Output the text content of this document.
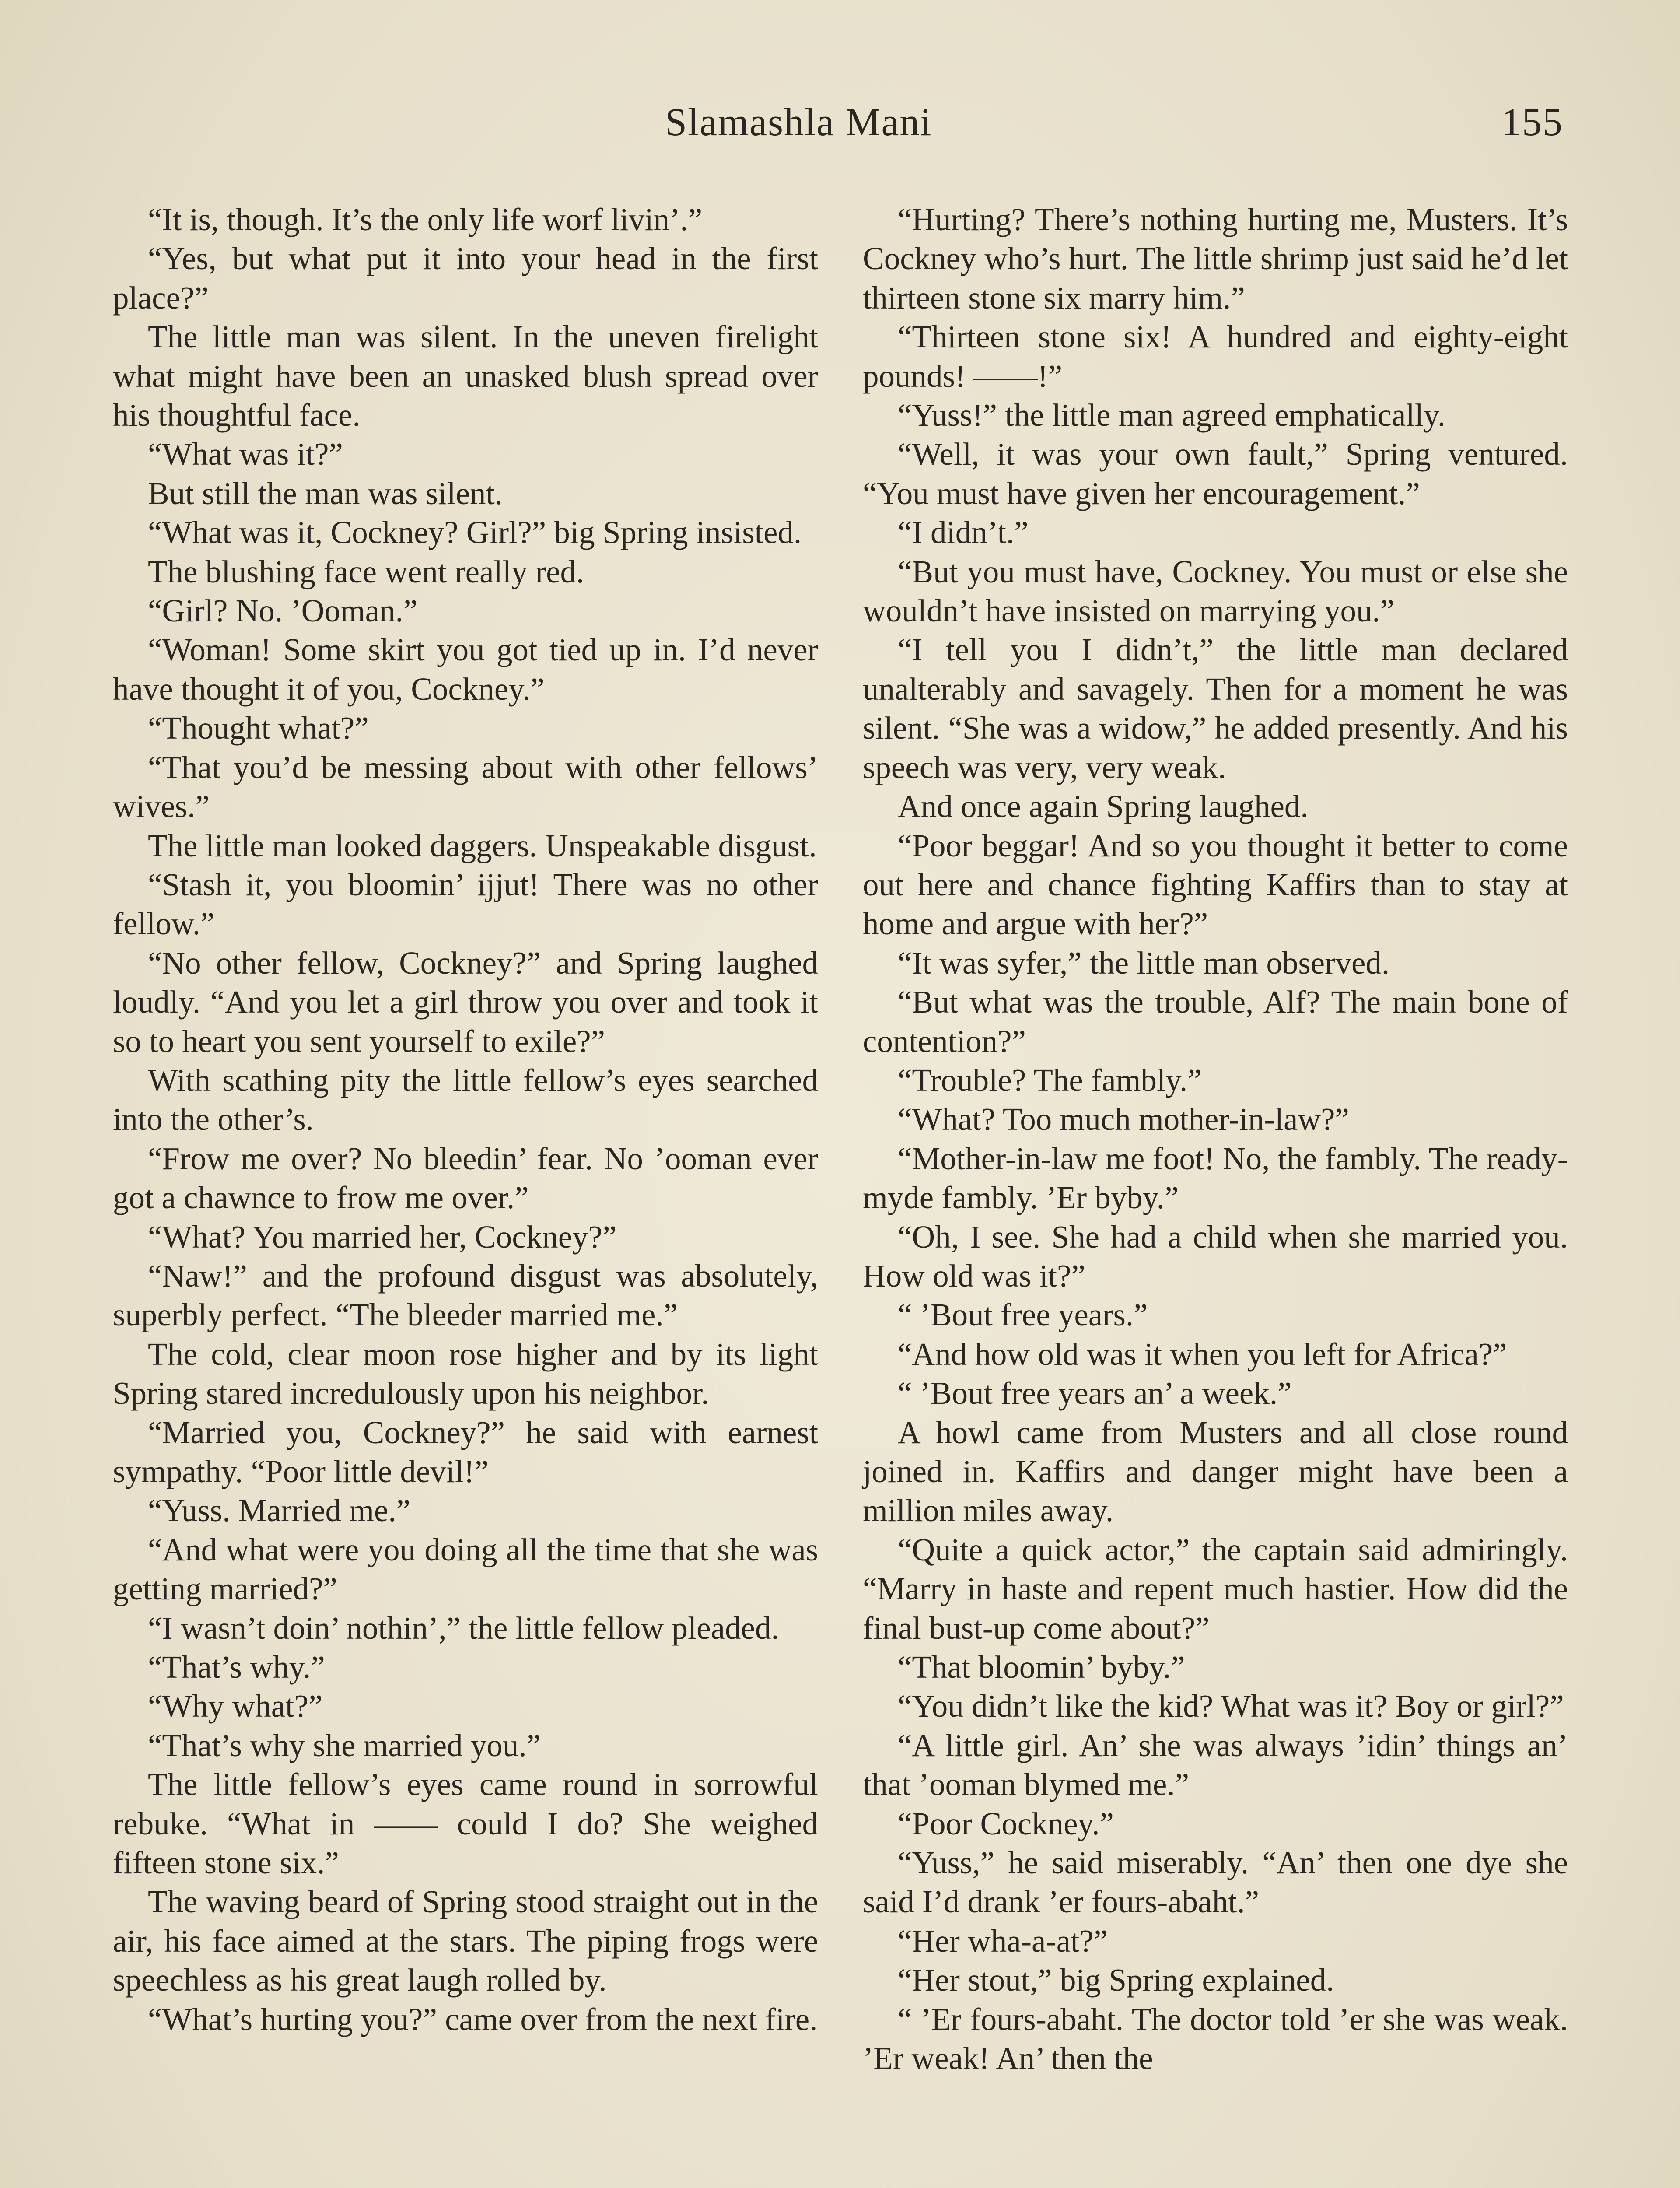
Slamashla Mani	155

“It is, though. It’s the only life worf livin’.”

“Yes, but what put it into your head in the first place?”

The little man was silent. In the uneven firelight what might have been an unasked blush spread over his thoughtful face.

“What was it?”

But still the man was silent.

“What was it, Cockney? Girl?” big Spring insisted.

The blushing face went really red.

“Girl? No. ’Ooman.”

“Woman! Some skirt you got tied up in. I’d never have thought it of you, Cockney.”

“Thought what?”

“That you’d be messing about with other fellows’ wives.”

The little man looked daggers. Unspeakable disgust.

“Stash it, you bloomin’ ijjut! There was no other fellow.”

“No other fellow, Cockney?” and Spring laughed loudly. “And you let a girl throw you over and took it so to heart you sent yourself to exile?”

With scathing pity the little fellow’s eyes searched into the other’s.

“Frow me over? No bleedin’ fear. No ’ooman ever got a chawnce to frow me over.”

“What? You married her, Cockney?”

“Naw!” and the profound disgust was absolutely, superbly perfect. “The bleeder married me.”

The cold, clear moon rose higher and by its light Spring stared incredulously upon his neighbor.

“Married you, Cockney?” he said with earnest sympathy. “Poor little devil!”

“Yuss. Married me.”

“And what were you doing all the time that she was getting married?”

“I wasn’t doin’ nothin’,” the little fellow pleaded.

“That’s why.”

“Why what?”

“That’s why she married you.”

The little fellow’s eyes came round in sorrowful rebuke. “What in —— could I do? She weighed fifteen stone six.”

The waving beard of Spring stood straight out in the air, his face aimed at the stars. The piping frogs were speechless as his great laugh rolled by.

“What’s hurting you?” came over from the next fire.

“Hurting? There’s nothing hurting me, Musters. It’s Cockney who’s hurt. The little shrimp just said he’d let thirteen stone six marry him.”

“Thirteen stone six! A hundred and eighty-eight pounds! ——!”

“Yuss!” the little man agreed emphatically.

“Well, it was your own fault,” Spring ventured. “You must have given her encouragement.”

“I didn’t.”

“But you must have, Cockney. You must or else she wouldn’t have insisted on marrying you.”

“I tell you I didn’t,” the little man declared unalterably and savagely. Then for a moment he was silent. “She was a widow,” he added presently. And his speech was very, very weak.

And once again Spring laughed.

“Poor beggar! And so you thought it better to come out here and chance fighting Kaffirs than to stay at home and argue with her?”

“It was syfer,” the little man observed.

“But what was the trouble, Alf? The main bone of contention?”

“Trouble? The fambly.”

“What? Too much mother-in-law?”

“Mother-in-law me foot! No, the fambly. The ready-myde fambly. ’Er byby.”

“Oh, I see. She had a child when she married you. How old was it?”

“ ’Bout free years.”

“And how old was it when you left for Africa?”

“ ’Bout free years an’ a week.”

A howl came from Musters and all close round joined in. Kaffirs and danger might have been a million miles away.

“Quite a quick actor,” the captain said admiringly. “Marry in haste and repent much hastier. How did the final bust-up come about?”

“That bloomin’ byby.”

“You didn’t like the kid? What was it? Boy or girl?”

“A little girl. An’ she was always ’idin’ things an’ that ’ooman blymed me.”

“Poor Cockney.”

“Yuss,” he said miserably. “An’ then one dye she said I’d drank ’er fours-abaht.”

“Her wha-a-at?”

“Her stout,” big Spring explained.

“ ’Er fours-abaht. The doctor told ’er she was weak. ’Er weak! An’ then the
